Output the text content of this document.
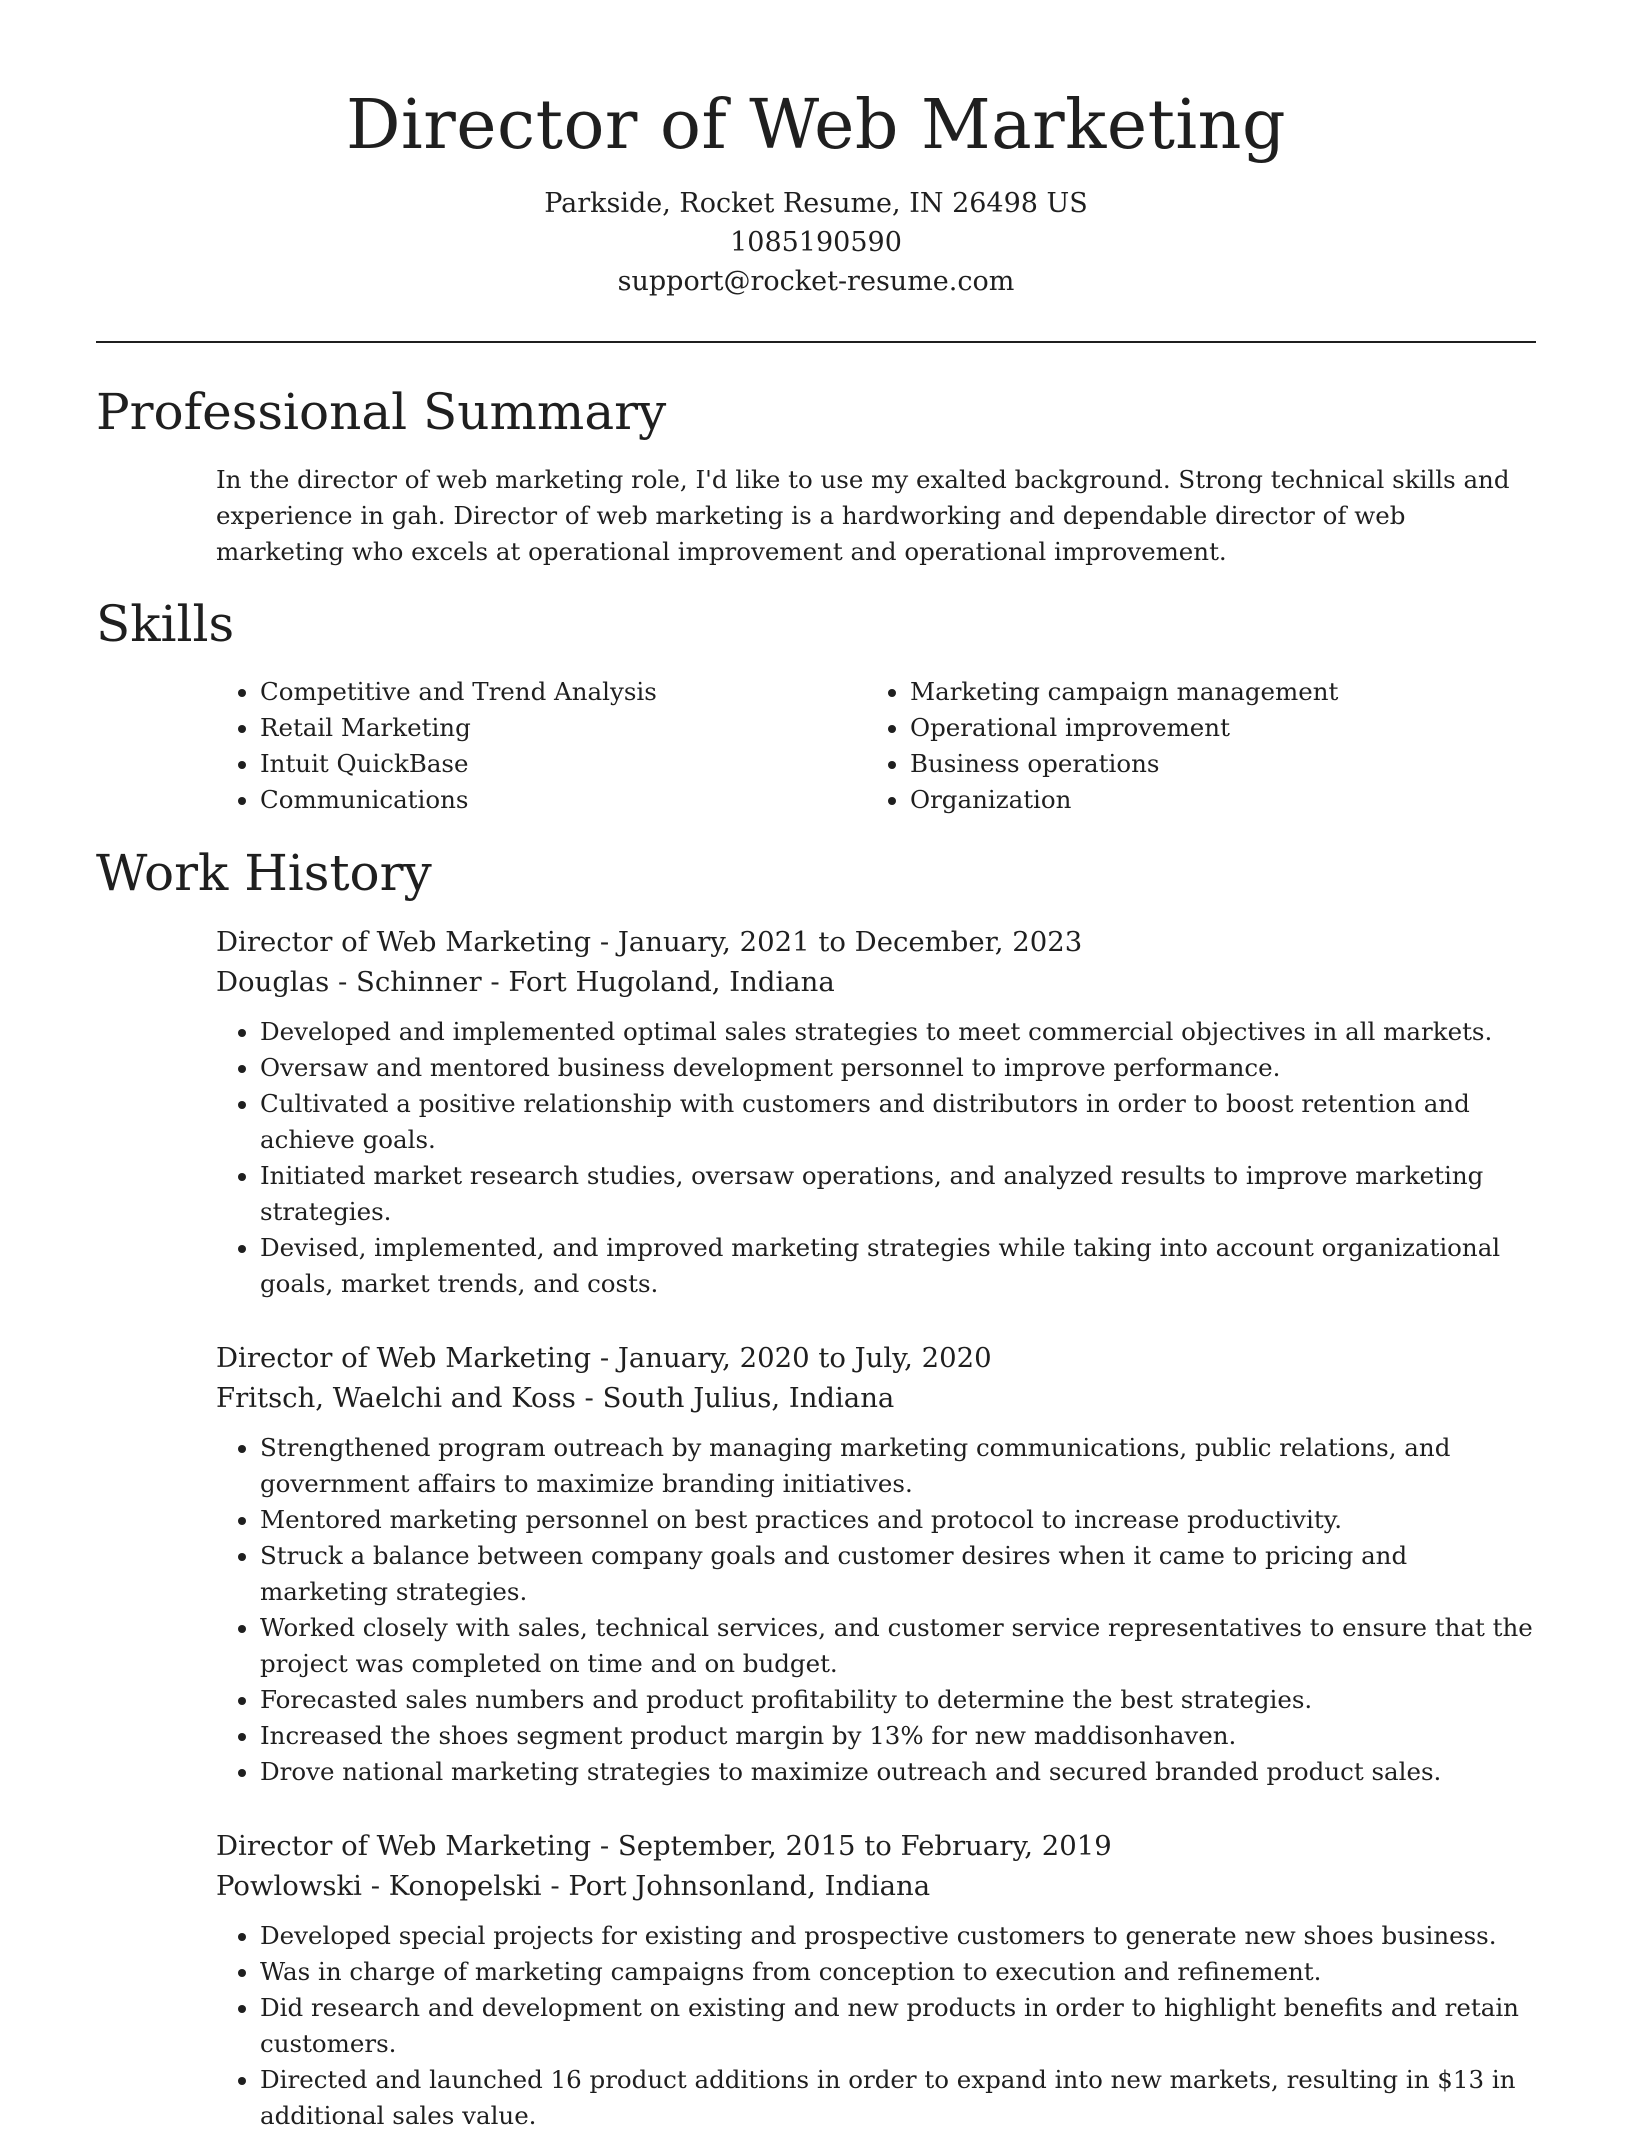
Director of Web Marketing
Parkside, Rocket Resume, IN 26498 US
1085190590
support@rocket-resume.com
Professional Summary

In the director of web marketing role, I'd like to use my exalted background. Strong technical skills and experience in gah. Director of web marketing is a hardworking and dependable director of web marketing who excels at operational improvement and operational improvement.

Skills
• Competitive and Trend Analysis
• Retail Marketing
• Intuit QuickBase
• Communications
• Marketing campaign management
• Operational improvement
• Business operations
• Organization
Work History
Director of Web Marketing - January, 2021 to December, 2023
Douglas - Schinner - Fort Hugoland, Indiana
• Developed and implemented optimal sales strategies to meet commercial objectives in all markets.
• Oversaw and mentored business development personnel to improve performance.
• Cultivated a positive relationship with customers and distributors in order to boost retention and achieve goals.
• Initiated market research studies, oversaw operations, and analyzed results to improve marketing strategies.
• Devised, implemented, and improved marketing strategies while taking into account organizational goals, market trends, and costs.
Director of Web Marketing - January, 2020 to July, 2020
Fritsch, Waelchi and Koss - South Julius, Indiana
• Strengthened program outreach by managing marketing communications, public relations, and government affairs to maximize branding initiatives.
• Mentored marketing personnel on best practices and protocol to increase productivity.
• Struck a balance between company goals and customer desires when it came to pricing and marketing strategies.
• Worked closely with sales, technical services, and customer service representatives to ensure that the project was completed on time and on budget.
• Forecasted sales numbers and product profitability to determine the best strategies.
• Increased the shoes segment product margin by 13% for new maddisonhaven.
• Drove national marketing strategies to maximize outreach and secured branded product sales.
Director of Web Marketing - September, 2015 to February, 2019
Powlowski - Konopelski - Port Johnsonland, Indiana
• Developed special projects for existing and prospective customers to generate new shoes business.
• Was in charge of marketing campaigns from conception to execution and refinement.
• Did research and development on existing and new products in order to highlight benefits and retain customers.
• Directed and launched 16 product additions in order to expand into new markets, resulting in $13 in additional sales value.
